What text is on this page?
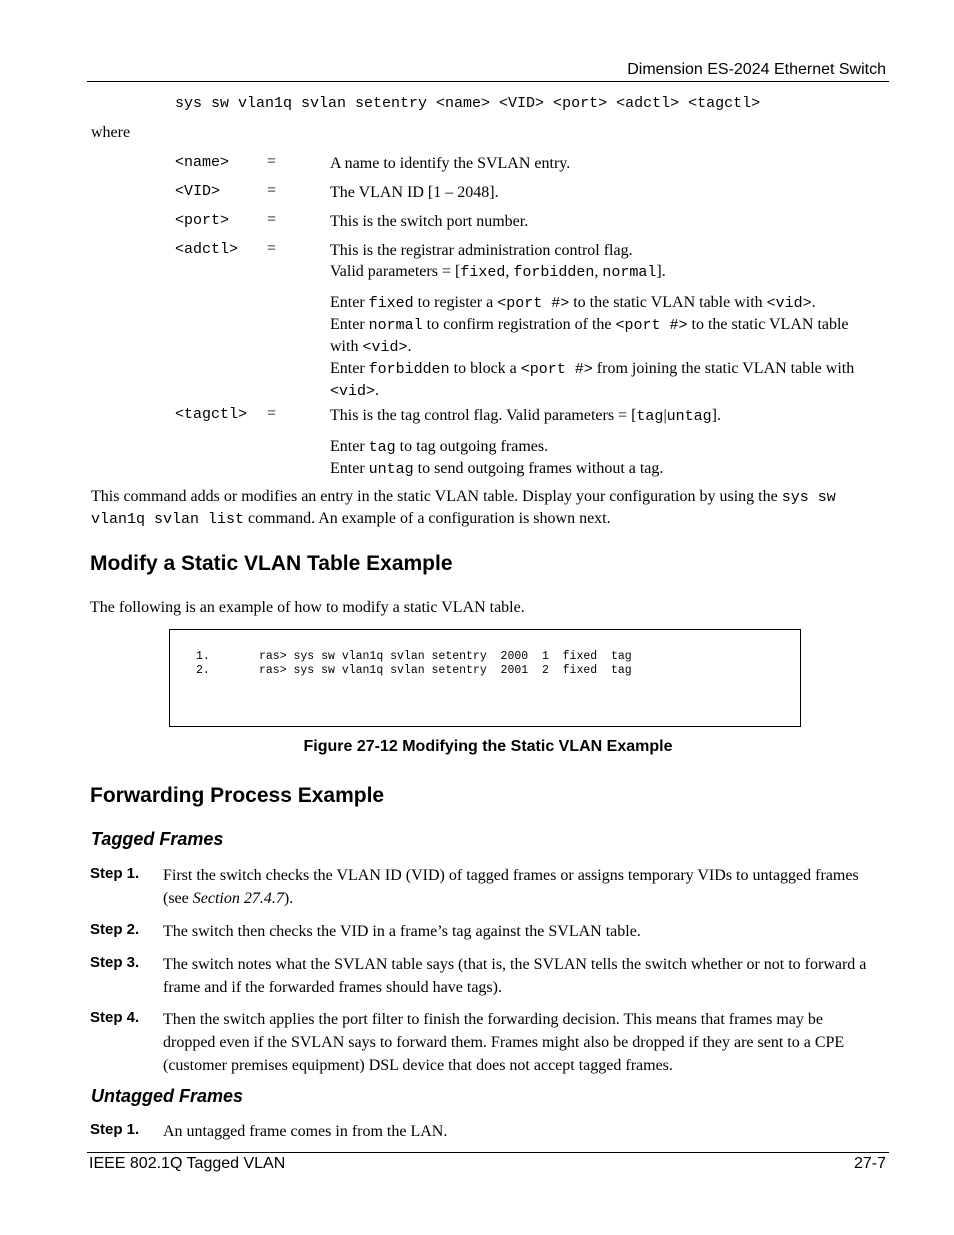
Dimension ES-2024 Ethernet Switch
sys sw vlan1q svlan setentry <name> <VID> <port> <adctl> <tagctl>
where
<name> =	A name to identify the SVLAN entry.
<VID>	=	The VLAN ID [1 – 2048].
<port> =	This is the switch port number.
<adctl> =	This is the registrar administration control flag.
Valid parameters = [fixed, forbidden, normal].
Enter fixed to register a <port #> to the static VLAN table with <vid>.
Enter normal to confirm registration of the <port #> to the static VLAN table with <vid>.
Enter forbidden to block a <port #> from joining the static VLAN table with <vid>.
<tagctl> =	This is the tag control flag. Valid parameters = [tag|untag].
Enter tag to tag outgoing frames.
Enter untag to send outgoing frames without a tag.
This command adds or modifies an entry in the static VLAN table. Display your configuration by using the sys sw vlan1q svlan list command. An example of a configuration is shown next.
Modify a Static VLAN Table Example
The following is an example of how to modify a static VLAN table.
1.	ras> sys sw vlan1q svlan setentry  2000  1  fixed  tag
2.	ras> sys sw vlan1q svlan setentry  2001  2  fixed  tag
Figure 27-12 Modifying the Static VLAN Example
Forwarding Process Example
Tagged Frames
Step 1. First the switch checks the VLAN ID (VID) of tagged frames or assigns temporary VIDs to untagged frames (see Section 27.4.7).
Step 2. The switch then checks the VID in a frame’s tag against the SVLAN table.
Step 3. The switch notes what the SVLAN table says (that is, the SVLAN tells the switch whether or not to forward a frame and if the forwarded frames should have tags).
Step 4. Then the switch applies the port filter to finish the forwarding decision. This means that frames may be dropped even if the SVLAN says to forward them. Frames might also be dropped if they are sent to a CPE (customer premises equipment) DSL device that does not accept tagged frames.
Untagged Frames
Step 1. An untagged frame comes in from the LAN.
IEEE 802.1Q Tagged VLAN	27-7
